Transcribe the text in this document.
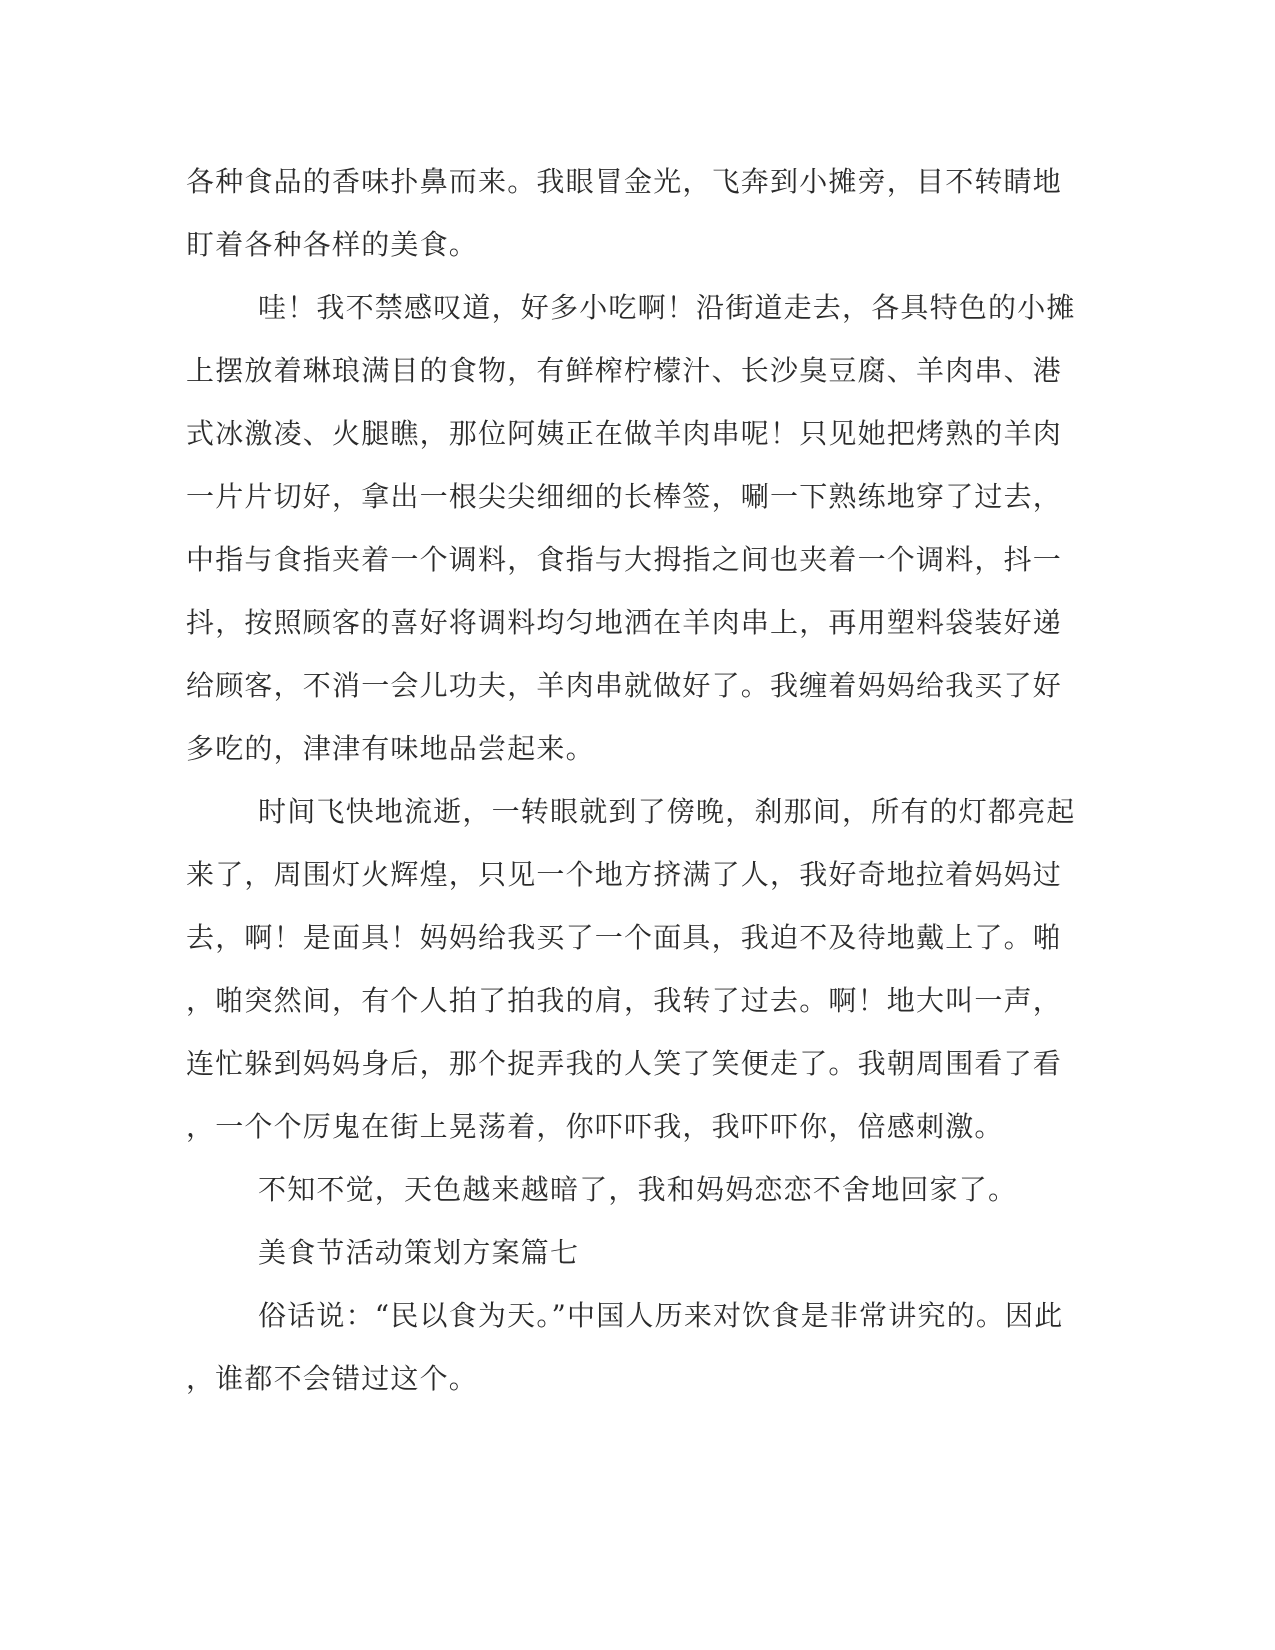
各种食品的香味扑鼻而来。我眼冒金光，飞奔到小摊旁，目不转睛地
盯着各种各样的美食。
哇！我不禁感叹道，好多小吃啊！沿街道走去，各具特色的小摊
上摆放着琳琅满目的食物，有鲜榨柠檬汁、长沙臭豆腐、羊肉串、港
式冰激凌、火腿瞧，那位阿姨正在做羊肉串呢！只见她把烤熟的羊肉
一片片切好，拿出一根尖尖细细的长棒签，唰一下熟练地穿了过去，
中指与食指夹着一个调料，食指与大拇指之间也夹着一个调料，抖一
抖，按照顾客的喜好将调料均匀地洒在羊肉串上，再用塑料袋装好递
给顾客，不消一会儿功夫，羊肉串就做好了。我缠着妈妈给我买了好
多吃的，津津有味地品尝起来。
时间飞快地流逝，一转眼就到了傍晚，刹那间，所有的灯都亮起
来了，周围灯火辉煌，只见一个地方挤满了人，我好奇地拉着妈妈过
去，啊！是面具！妈妈给我买了一个面具，我迫不及待地戴上了。啪
，啪突然间，有个人拍了拍我的肩，我转了过去。啊！地大叫一声，
连忙躲到妈妈身后，那个捉弄我的人笑了笑便走了。我朝周围看了看
，一个个厉鬼在街上晃荡着，你吓吓我，我吓吓你，倍感刺激。
不知不觉，天色越来越暗了，我和妈妈恋恋不舍地回家了。
美食节活动策划方案篇七
俗话说：“民以食为天。”中国人历来对饮食是非常讲究的。因此
，谁都不会错过这个。
